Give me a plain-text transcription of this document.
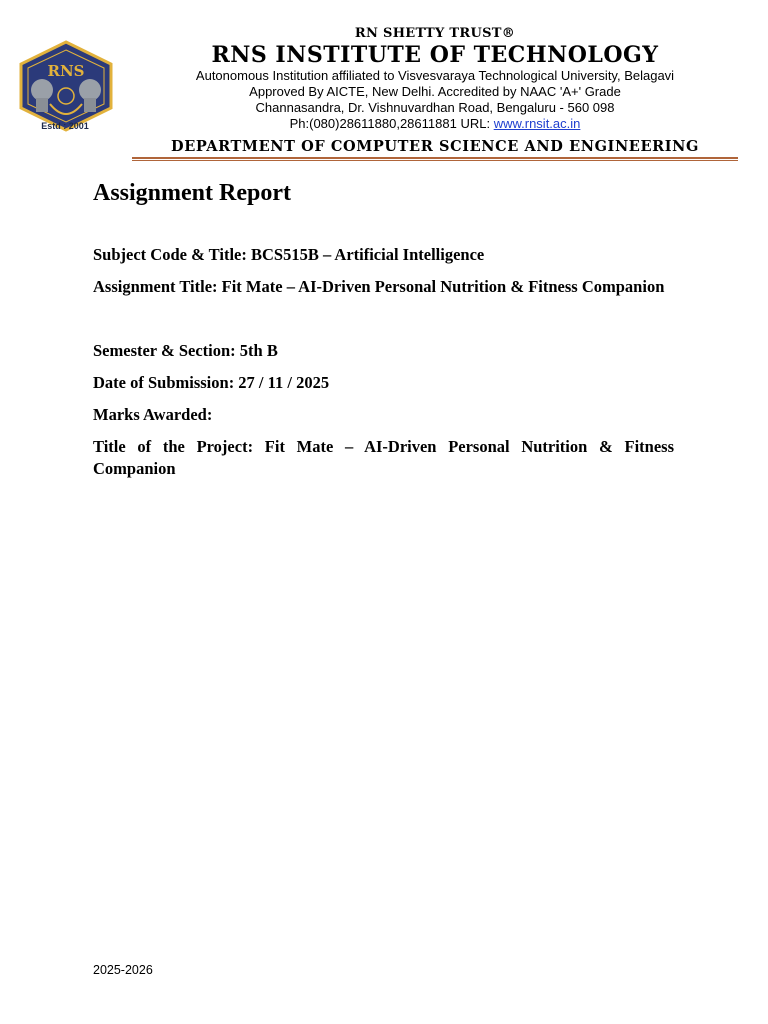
RNS
Estd : 2001
RN SHETTY TRUST®
RNS INSTITUTE OF TECHNOLOGY
Autonomous Institution affiliated to Visvesvaraya Technological University, Belagavi
Approved By AICTE, New Delhi. Accredited by NAAC 'A+' Grade
Channasandra, Dr. Vishnuvardhan Road, Bengaluru - 560 098
Ph:(080)28611880,28611881 URL: www.rnsit.ac.in
DEPARTMENT OF COMPUTER SCIENCE AND ENGINEERING
Assignment Report

Subject Code & Title: BCS515B – Artificial Intelligence

Assignment Title: Fit Mate – AI-Driven Personal Nutrition & Fitness Companion

Semester & Section: 5th B

Date of Submission: 27 / 11 / 2025

Marks Awarded:

Title of the Project: Fit Mate – AI-Driven Personal Nutrition & Fitness Companion

2025-2026
